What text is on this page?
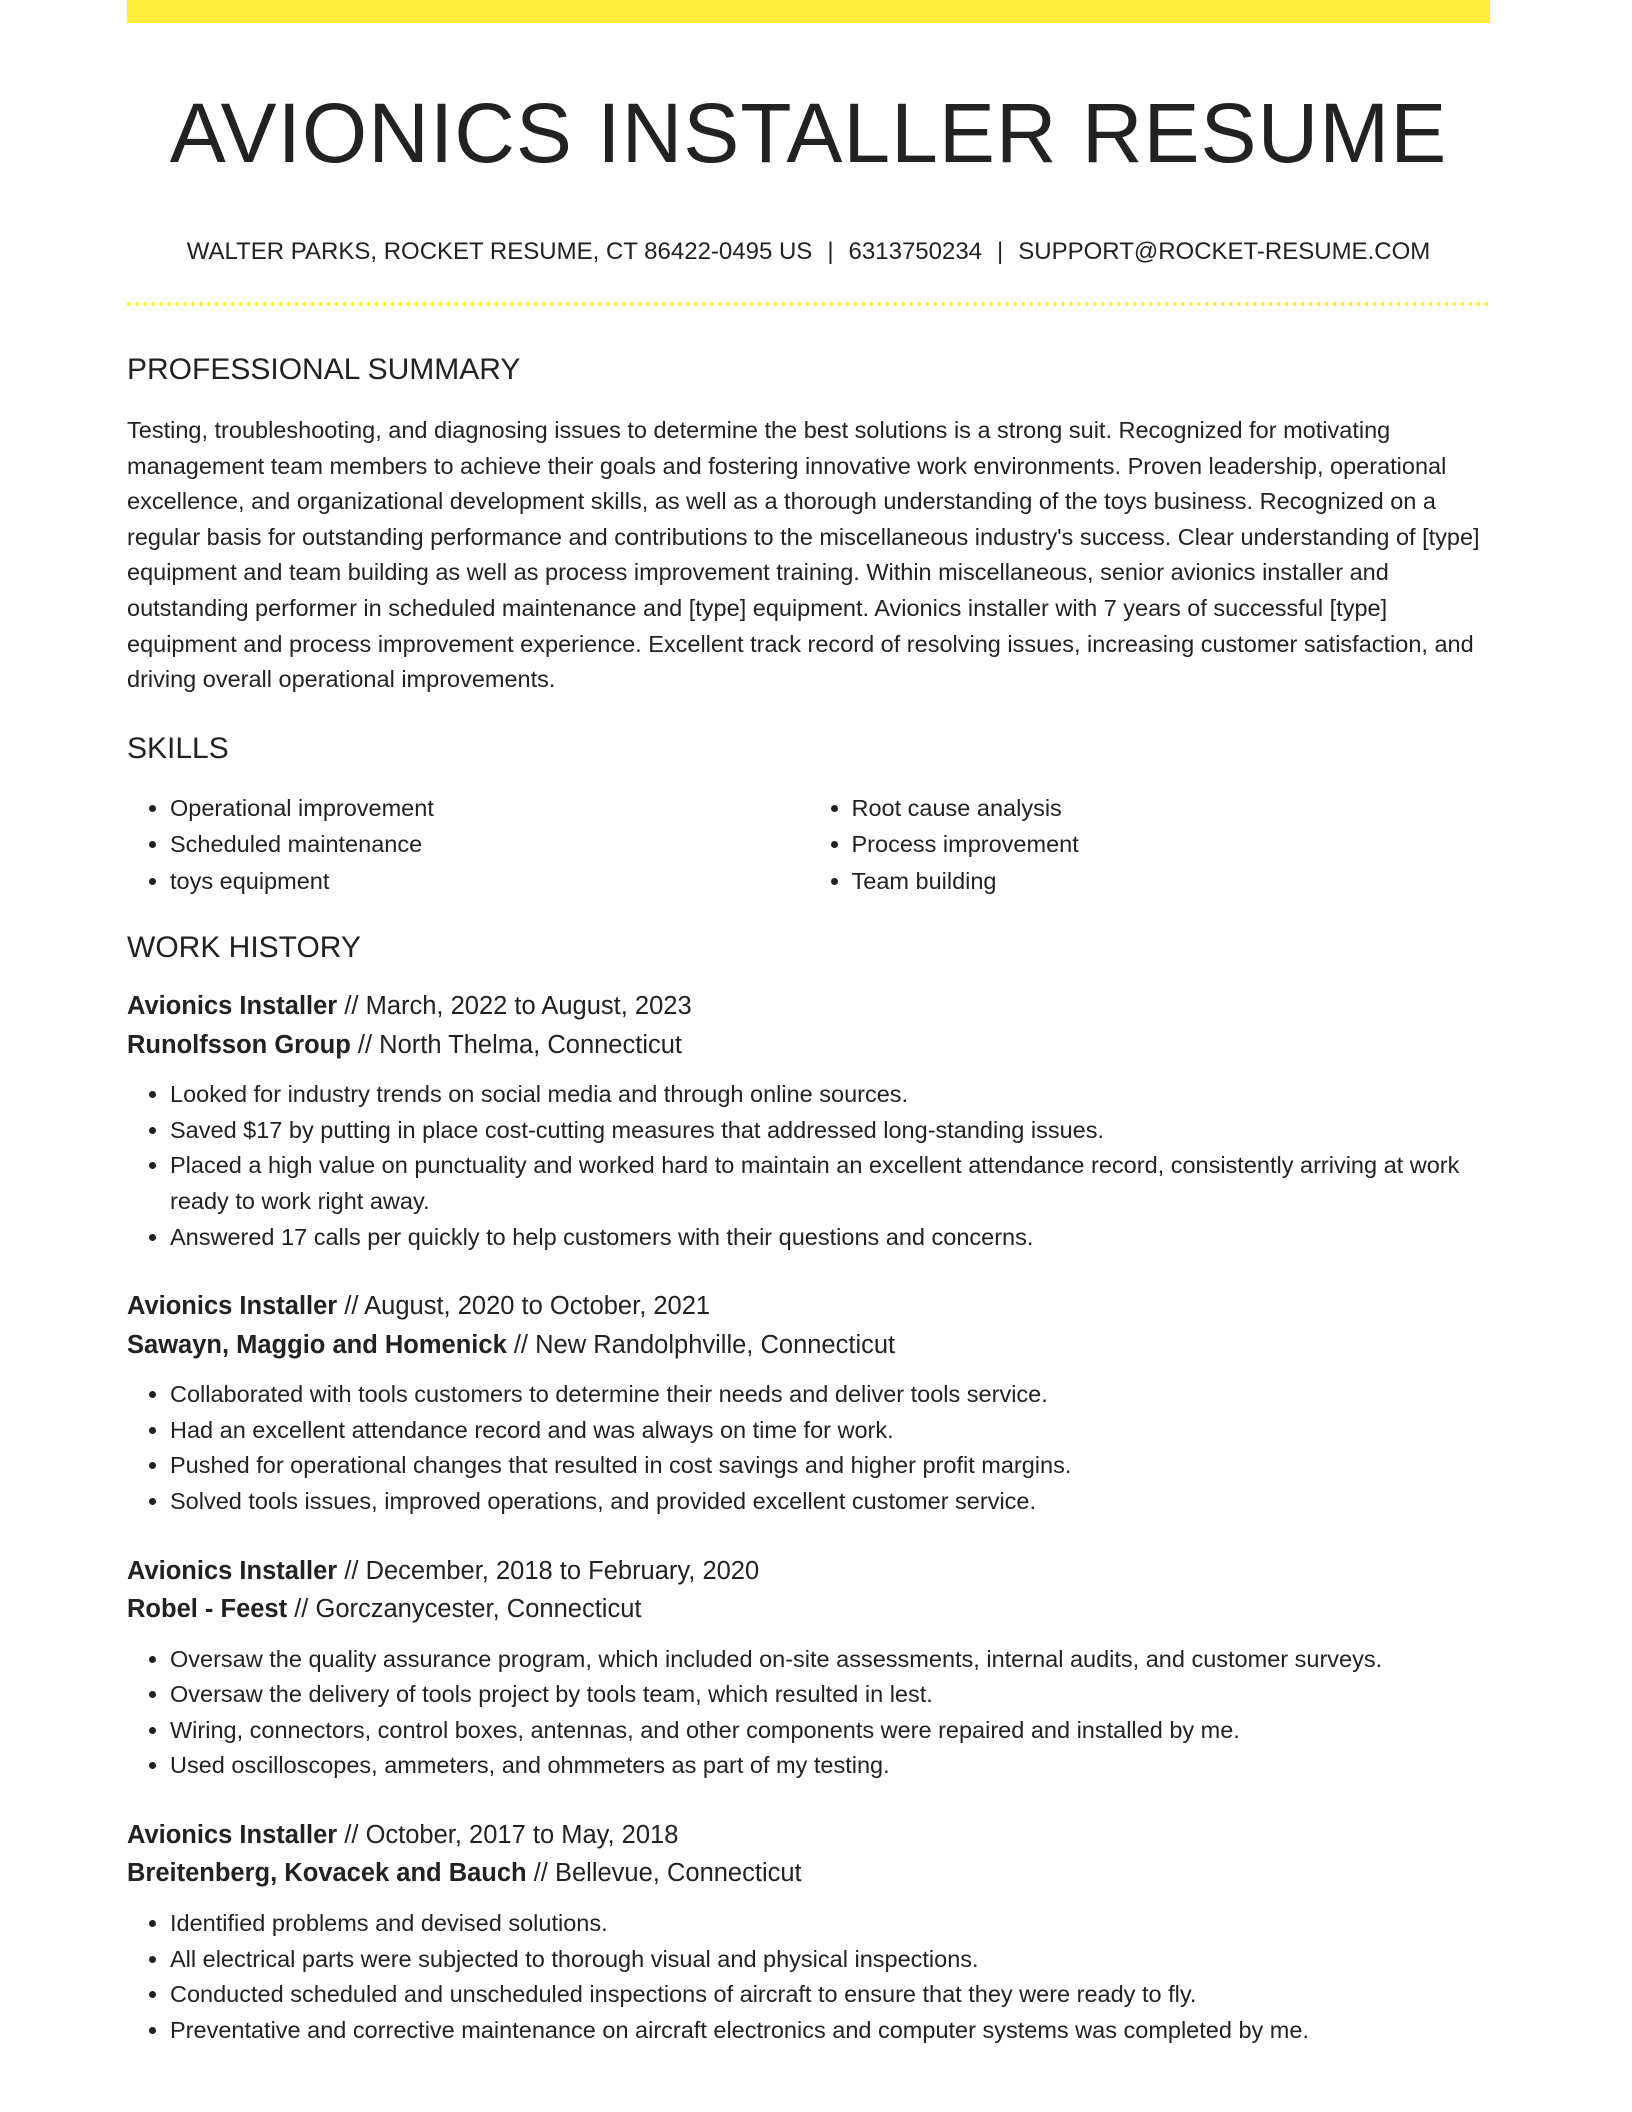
AVIONICS INSTALLER RESUME
WALTER PARKS, ROCKET RESUME, CT 86422-0495 US | 6313750234 | SUPPORT@ROCKET-RESUME.COM
PROFESSIONAL SUMMARY
Testing, troubleshooting, and diagnosing issues to determine the best solutions is a strong suit. Recognized for motivating management team members to achieve their goals and fostering innovative work environments. Proven leadership, operational excellence, and organizational development skills, as well as a thorough understanding of the toys business. Recognized on a regular basis for outstanding performance and contributions to the miscellaneous industry's success. Clear understanding of [type] equipment and team building as well as process improvement training. Within miscellaneous, senior avionics installer and outstanding performer in scheduled maintenance and [type] equipment. Avionics installer with 7 years of successful [type] equipment and process improvement experience. Excellent track record of resolving issues, increasing customer satisfaction, and driving overall operational improvements.
SKILLS
• Operational improvement
• Scheduled maintenance
• toys equipment
• Root cause analysis
• Process improvement
• Team building
WORK HISTORY
Avionics Installer // March, 2022 to August, 2023
Runolfsson Group // North Thelma, Connecticut
• Looked for industry trends on social media and through online sources.
• Saved $17 by putting in place cost-cutting measures that addressed long-standing issues.
• Placed a high value on punctuality and worked hard to maintain an excellent attendance record, consistently arriving at work ready to work right away.
• Answered 17 calls per quickly to help customers with their questions and concerns.
Avionics Installer // August, 2020 to October, 2021
Sawayn, Maggio and Homenick // New Randolphville, Connecticut
• Collaborated with tools customers to determine their needs and deliver tools service.
• Had an excellent attendance record and was always on time for work.
• Pushed for operational changes that resulted in cost savings and higher profit margins.
• Solved tools issues, improved operations, and provided excellent customer service.
Avionics Installer // December, 2018 to February, 2020
Robel - Feest // Gorczanycester, Connecticut
• Oversaw the quality assurance program, which included on-site assessments, internal audits, and customer surveys.
• Oversaw the delivery of tools project by tools team, which resulted in lest.
• Wiring, connectors, control boxes, antennas, and other components were repaired and installed by me.
• Used oscilloscopes, ammeters, and ohmmeters as part of my testing.
Avionics Installer // October, 2017 to May, 2018
Breitenberg, Kovacek and Bauch // Bellevue, Connecticut
• Identified problems and devised solutions.
• All electrical parts were subjected to thorough visual and physical inspections.
• Conducted scheduled and unscheduled inspections of aircraft to ensure that they were ready to fly.
• Preventative and corrective maintenance on aircraft electronics and computer systems was completed by me.
